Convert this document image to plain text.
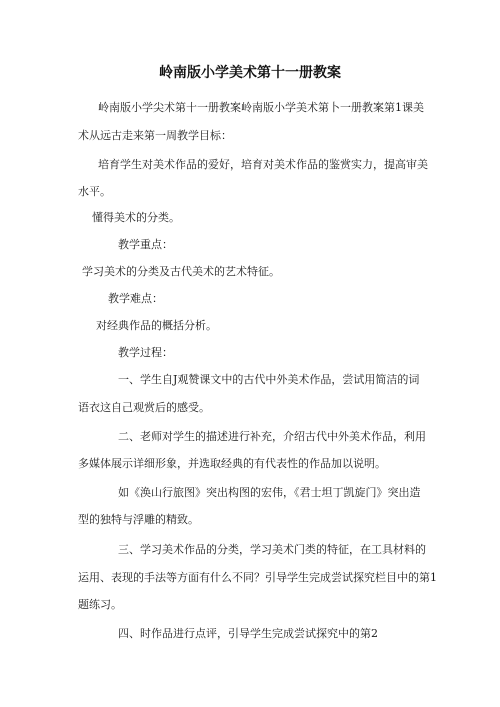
岭南版小学美术第十一册教案
岭南版小学尖术第十一册教案岭南版小学美术第卜一册教案第1课美
术从远古走来第一周教学目标：
培育学生对美术作品的爱好，培育对美术作品的鉴赏实力，提高审美
水平。
懂得美术的分类。
教学重点：
学习美术的分类及古代美术的艺术特征。
教学难点：
对经典作品的概括分析。
教学过程：
一、学生自J观赞课文中的古代中外美术作品，尝试用简洁的词
语衣这自己观赏后的感受。
二、老师对学生的描述进行补充，介绍古代中外美术作品，利用
多媒体展示详细形象，并选取经典的有代表性的作品加以说明。
如《涣山行旅图》突出构图的宏伟，《君士坦丁凯旋门》突出造
型的独特与浮雕的精致。
三、学习美术作品的分类，学习美术门类的特征，在工具材料的
运用、表现的手法等方面有什么不同？引导学生完成尝试探究栏目中的第1
题练习。
四、时作品进行点评，引导学生完成尝试探究中的第2
